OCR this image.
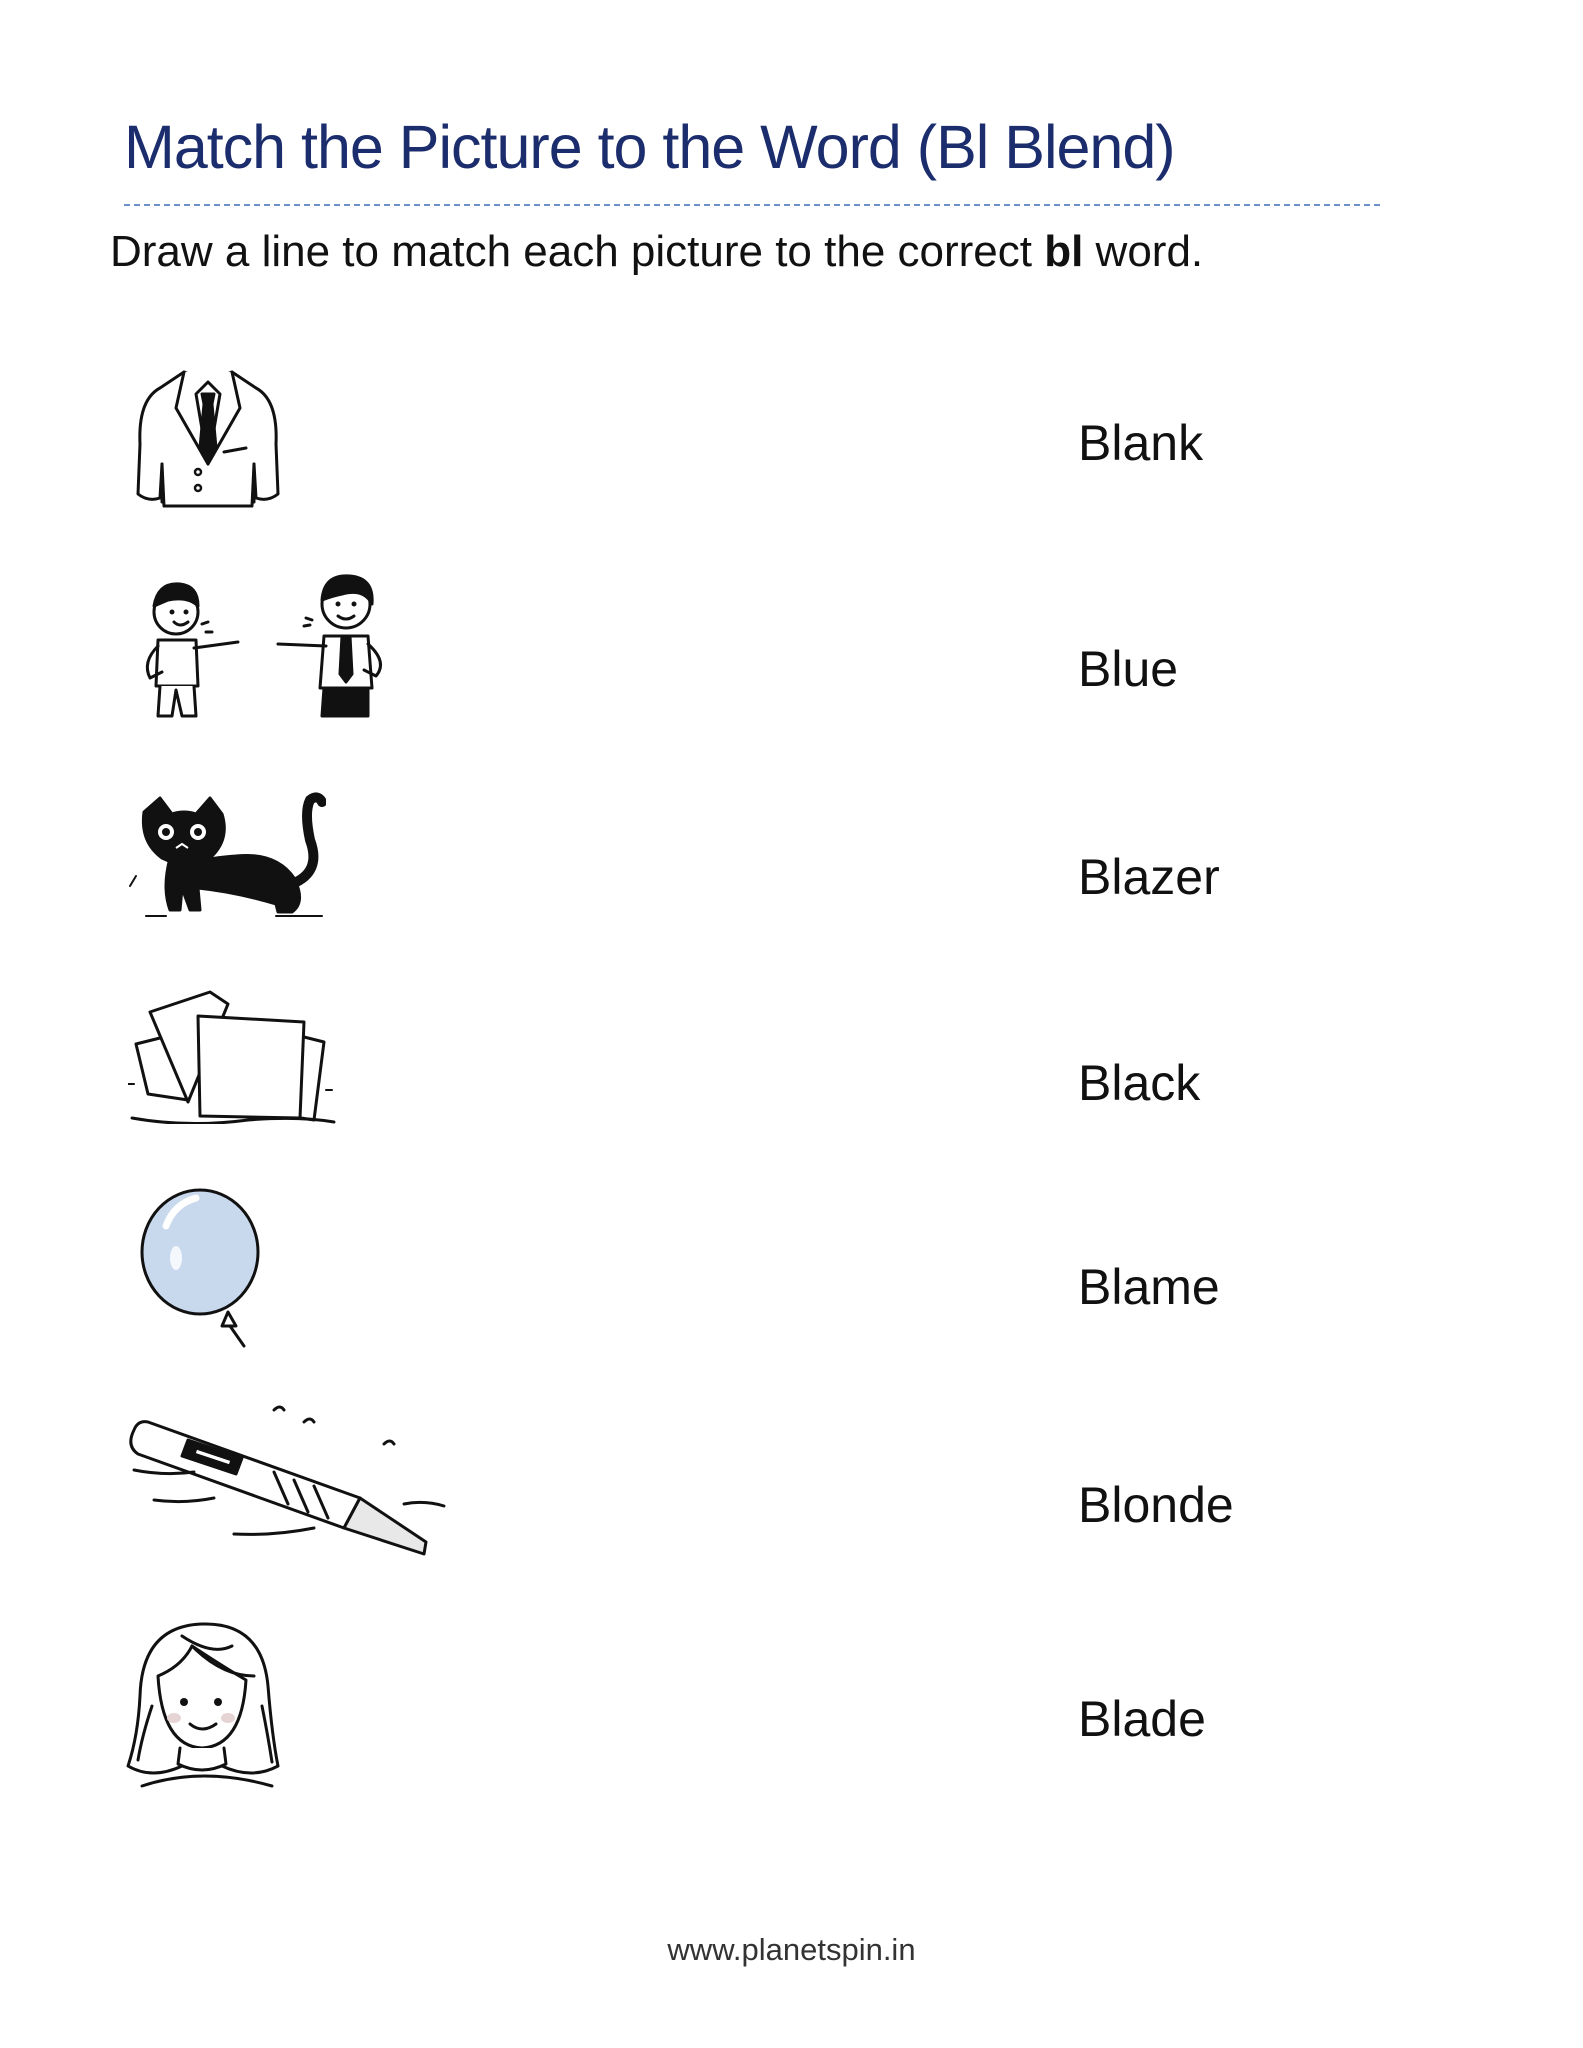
Match the Picture to the Word (Bl Blend)
Draw a line to match each picture to the correct bl word.
Blank
Blue
Blazer
Black
Blame
Blonde
Blade
www.planetspin.in
